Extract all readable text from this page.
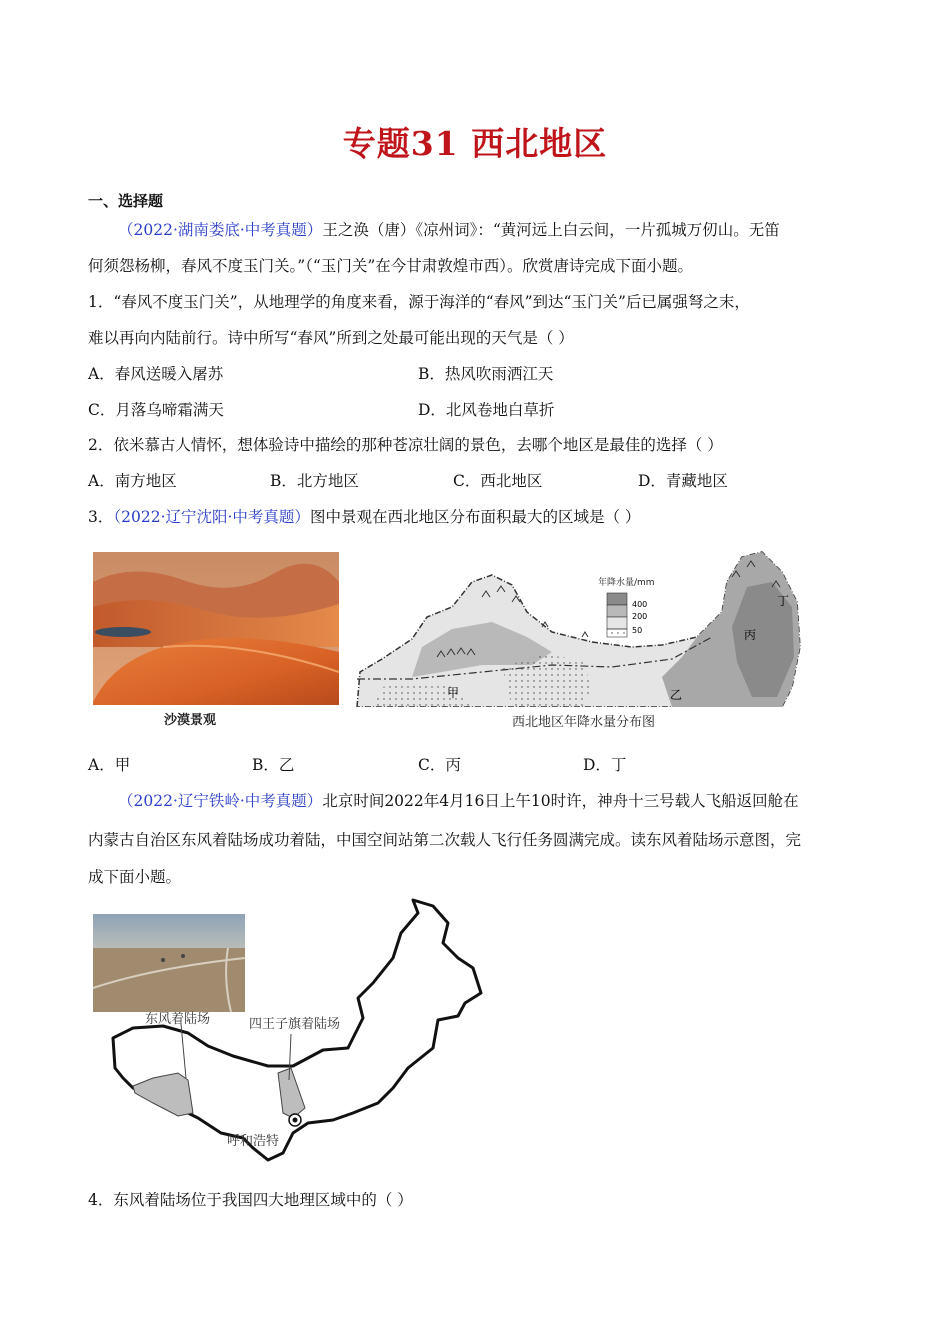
专题31 西北地区
一、选择题
（2022·湖南娄底·中考真题）王之涣（唐）《凉州词》：“黄河远上白云间，一片孤城万仞山。无笛
何须怨杨柳，春风不度玉门关。”（“玉门关”在今甘肃敦煌市西）。欣赏唐诗完成下面小题。
1．“春风不度玉门关”，从地理学的角度来看，源于海洋的“春风”到达“玉门关”后已属强弩之末，
难以再向内陆前行。诗中所写“春风”所到之处最可能出现的天气是（ ）
A．春风送暖入屠苏	B．热风吹雨洒江天
C．月落乌啼霜满天	D．北风卷地白草折
2．依米慕古人情怀，想体验诗中描绘的那种苍凉壮阔的景色，去哪个地区是最佳的选择（ ）
A．南方地区	B．北方地区	C．西北地区	D．青藏地区
3．（2022·辽宁沈阳·中考真题）图中景观在西北地区分布面积最大的区域是（ ）
沙漠景观
年降水量/mm
400
200
50
甲	乙
丙
丁
西北地区年降水量分布图
A．甲	B．乙	C．丙	D．丁
（2022·辽宁铁岭·中考真题）北京时间2022年4月16日上午10时许，神舟十三号载人飞船返回舱在
内蒙古自治区东风着陆场成功着陆，中国空间站第二次载人飞行任务圆满完成。读东风着陆场示意图，完
成下面小题。
东风着陆场	四王子旗着陆场
呼和浩特
4．东风着陆场位于我国四大地理区域中的（ ）
